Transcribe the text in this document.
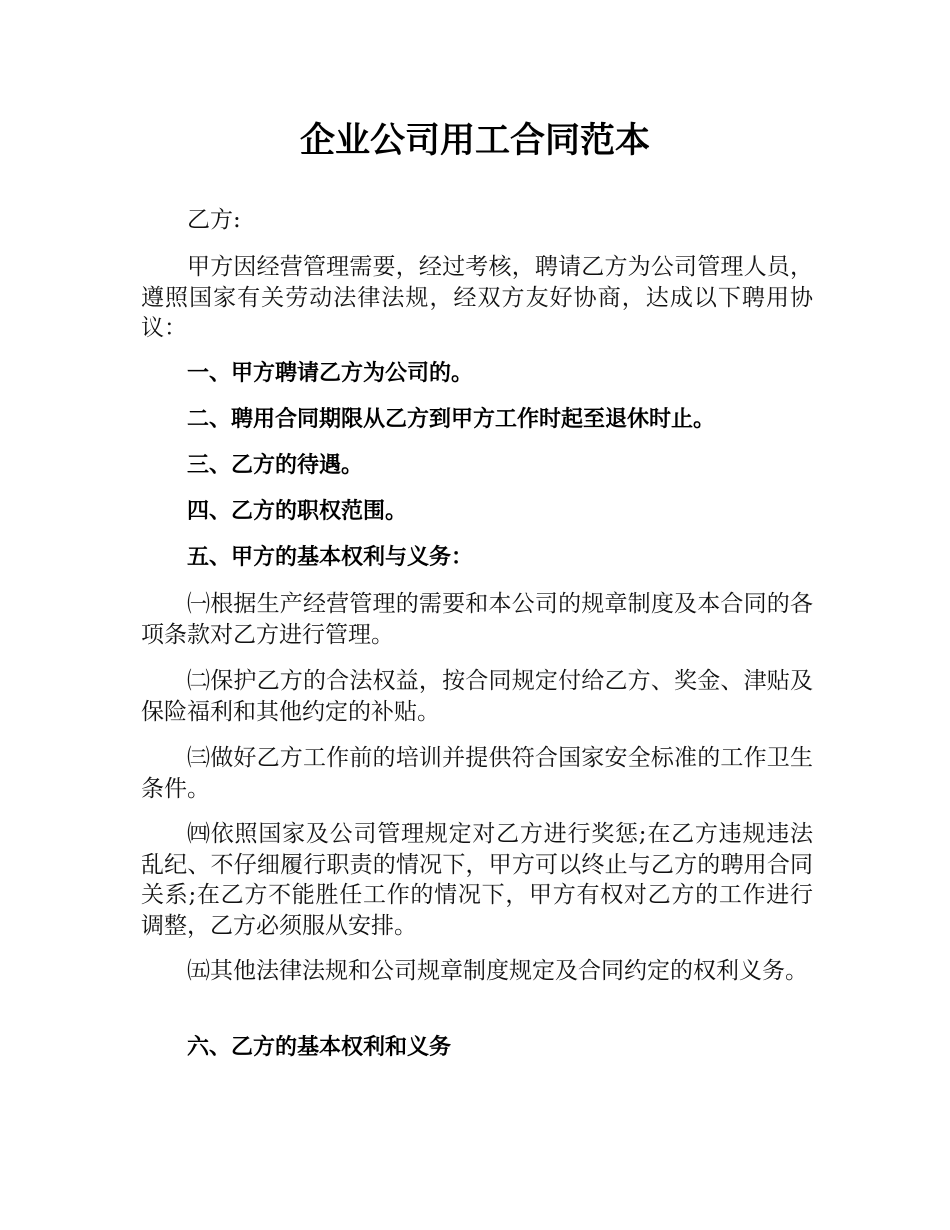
企业公司用工合同范本

乙方:

甲方因经营管理需要，经过考核，聘请乙方为公司管理人员，遵照国家有关劳动法律法规，经双方友好协商，达成以下聘用协议：

一、甲方聘请乙方为公司的。

二、聘用合同期限从乙方到甲方工作时起至退休时止。

三、乙方的待遇。

四、乙方的职权范围。

五、甲方的基本权利与义务：

㈠根据生产经营管理的需要和本公司的规章制度及本合同的各项条款对乙方进行管理。

㈡保护乙方的合法权益，按合同规定付给乙方、奖金、津贴及保险福利和其他约定的补贴。

㈢做好乙方工作前的培训并提供符合国家安全标准的工作卫生条件。

㈣依照国家及公司管理规定对乙方进行奖惩;在乙方违规违法乱纪、不仔细履行职责的情况下，甲方可以终止与乙方的聘用合同关系;在乙方不能胜任工作的情况下，甲方有权对乙方的工作进行调整，乙方必须服从安排。

㈤其他法律法规和公司规章制度规定及合同约定的权利义务。

六、乙方的基本权利和义务
